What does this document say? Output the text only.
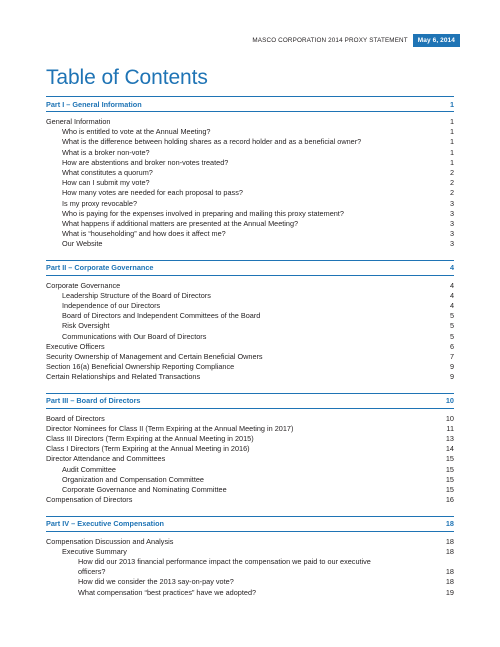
MASCO CORPORATION 2014 PROXY STATEMENT	May 6, 2014
Table of Contents
Part I – General Information	1
General Information	1
Who is entitled to vote at the Annual Meeting?	1
What is the difference between holding shares as a record holder and as a beneficial owner?	1
What is a broker non-vote?	1
How are abstentions and broker non-votes treated?	1
What constitutes a quorum?	2
How can I submit my vote?	2
How many votes are needed for each proposal to pass?	2
Is my proxy revocable?	3
Who is paying for the expenses involved in preparing and mailing this proxy statement?	3
What happens if additional matters are presented at the Annual Meeting?	3
What is “householding” and how does it affect me?	3
Our Website	3
Part II – Corporate Governance	4
Corporate Governance	4
Leadership Structure of the Board of Directors	4
Independence of our Directors	4
Board of Directors and Independent Committees of the Board	5
Risk Oversight	5
Communications with Our Board of Directors	5
Executive Officers	6
Security Ownership of Management and Certain Beneficial Owners	7
Section 16(a) Beneficial Ownership Reporting Compliance	9
Certain Relationships and Related Transactions	9
Part III – Board of Directors	10
Board of Directors	10
Director Nominees for Class II (Term Expiring at the Annual Meeting in 2017)	11
Class III Directors (Term Expiring at the Annual Meeting in 2015)	13
Class I Directors (Term Expiring at the Annual Meeting in 2016)	14
Director Attendance and Committees	15
Audit Committee	15
Organization and Compensation Committee	15
Corporate Governance and Nominating Committee	15
Compensation of Directors	16
Part IV – Executive Compensation	18
Compensation Discussion and Analysis	18
Executive Summary	18
How did our 2013 financial performance impact the compensation we paid to our executive
officers?	18
How did we consider the 2013 say-on-pay vote?	18
What compensation “best practices” have we adopted?	19
